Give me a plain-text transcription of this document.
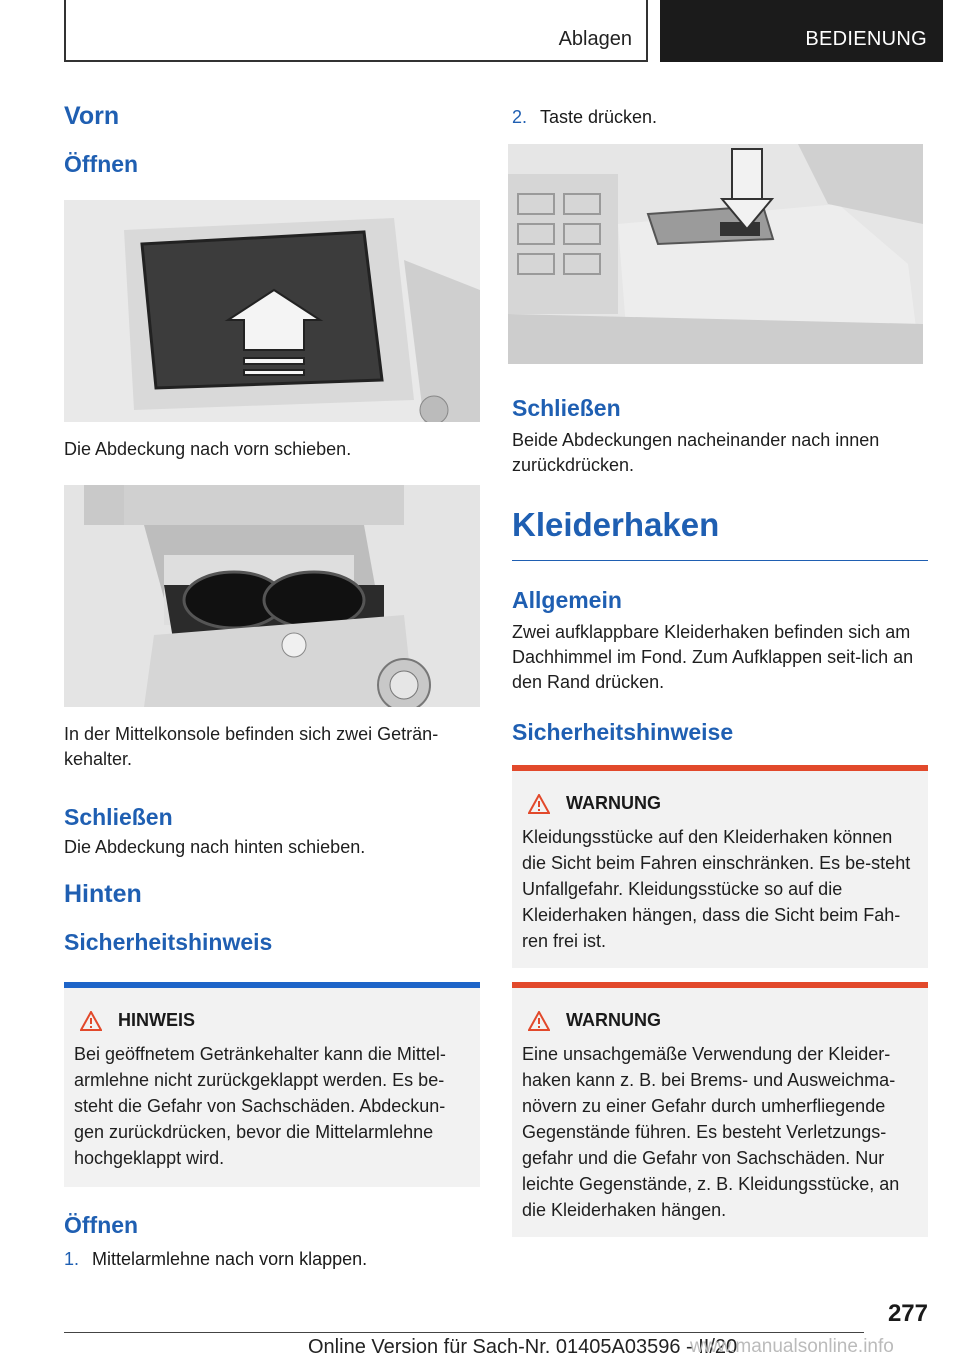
Ablagen	BEDIENUNG
Vorn
Öffnen

Die Abdeckung nach vorn schieben.

In der Mittelkonsole befinden sich zwei Geträn-kehalter.

Schließen

Die Abdeckung nach hinten schieben.

Hinten
Sicherheitshinweis
HINWEIS
Bei geöffnetem Getränkehalter kann die Mittel-armlehne nicht zurückgeklappt werden. Es be-steht die Gefahr von Sachschäden. Abdeckun-gen zurückdrücken, bevor die Mittelarmlehne hochgeklappt wird.
Öffnen
1. Mittelarmlehne nach vorn klappen.
2. Taste drücken.
Schließen

Beide Abdeckungen nacheinander nach innen zurückdrücken.

Kleiderhaken
Allgemein

Zwei aufklappbare Kleiderhaken befinden sich am Dachhimmel im Fond. Zum Aufklappen seit-lich an den Rand drücken.

Sicherheitshinweise
WARNUNG
Kleidungsstücke auf den Kleiderhaken können die Sicht beim Fahren einschränken. Es be-steht Unfallgefahr. Kleidungsstücke so auf die Kleiderhaken hängen, dass die Sicht beim Fah-ren frei ist.
WARNUNG
Eine unsachgemäße Verwendung der Kleider-haken kann z. B. bei Brems- und Ausweichma-növern zu einer Gefahr durch umherfliegende Gegenstände führen. Es besteht Verletzungs-gefahr und die Gefahr von Sachschäden. Nur leichte Gegenstände, z. B. Kleidungsstücke, an die Kleiderhaken hängen.
277
Online Version für Sach-Nr. 01405A03596 - II/20
www.manualsonline.info
